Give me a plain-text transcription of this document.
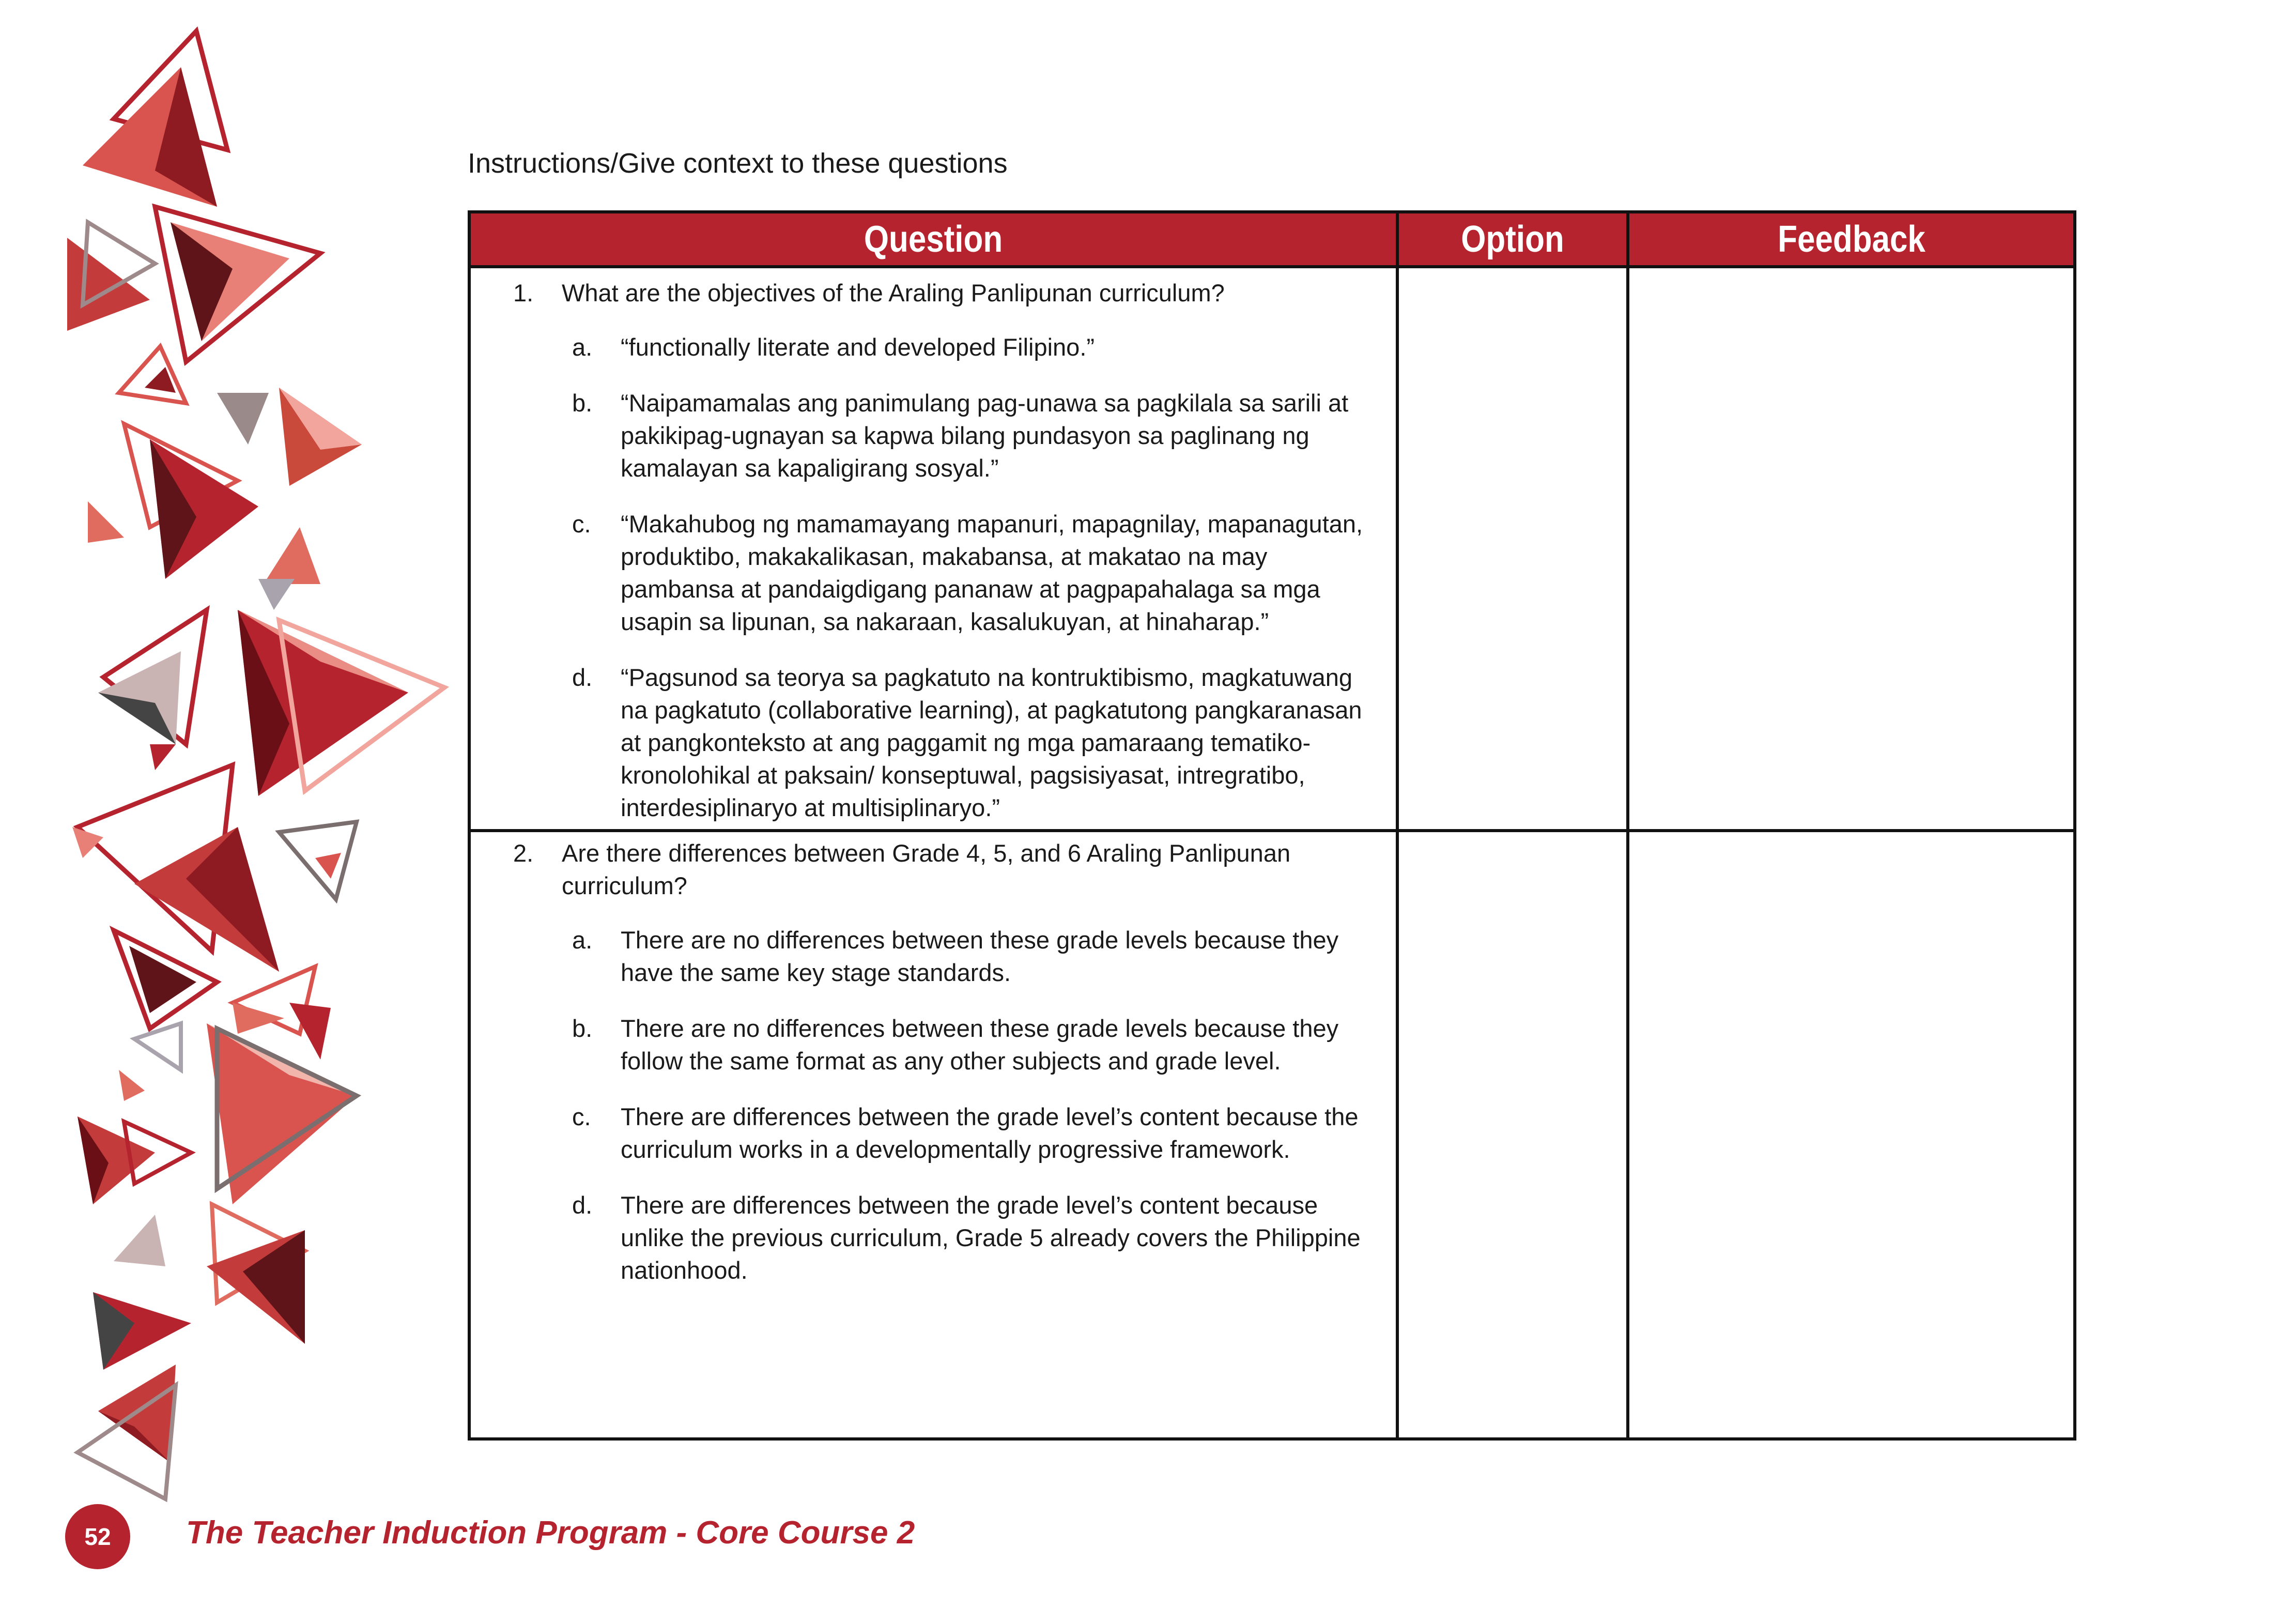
Instructions/Give context to these questions
Question	Option	Feedback
1. What are the objectives of the Araling Panlipunan curriculum?
a. “functionally literate and developed Filipino.”
b. “Naipamamalas ang panimulang pag-unawa sa pagkilala sa sarili at pakikipag-ugnayan sa kapwa bilang pundasyon sa paglinang ng kamalayan sa kapaligirang sosyal.”
c. “Makahubog ng mamamayang mapanuri, mapagnilay, mapanagutan, produktibo, makakalikasan, makabansa, at makatao na may pambansa at pandaigdigang pananaw at pagpapahalaga sa mga usapin sa lipunan, sa nakaraan, kasalukuyan, at hinaharap.”
d. “Pagsunod sa teorya sa pagkatuto na kontruktibismo, magkatuwang na pagkatuto (collaborative learning), at pagkatutong pangkaranasan at pangkonteksto at ang paggamit ng mga pamaraang tematiko-kronolohikal at paksain/ konseptuwal, pagsisiyasat, intregratibo, interdesiplinaryo at multisiplinaryo.”
2. Are there differences between Grade 4, 5, and 6 Araling Panlipunan curriculum?
a. There are no differences between these grade levels because they have the same key stage standards.
b. There are no differences between these grade levels because they follow the same format as any other subjects and grade level.
c. There are differences between the grade level’s content because the curriculum works in a developmentally progressive framework.
d. There are differences between the grade level’s content because unlike the previous curriculum, Grade 5 already covers the Philippine nationhood.
52	The Teacher Induction Program - Core Course 2
